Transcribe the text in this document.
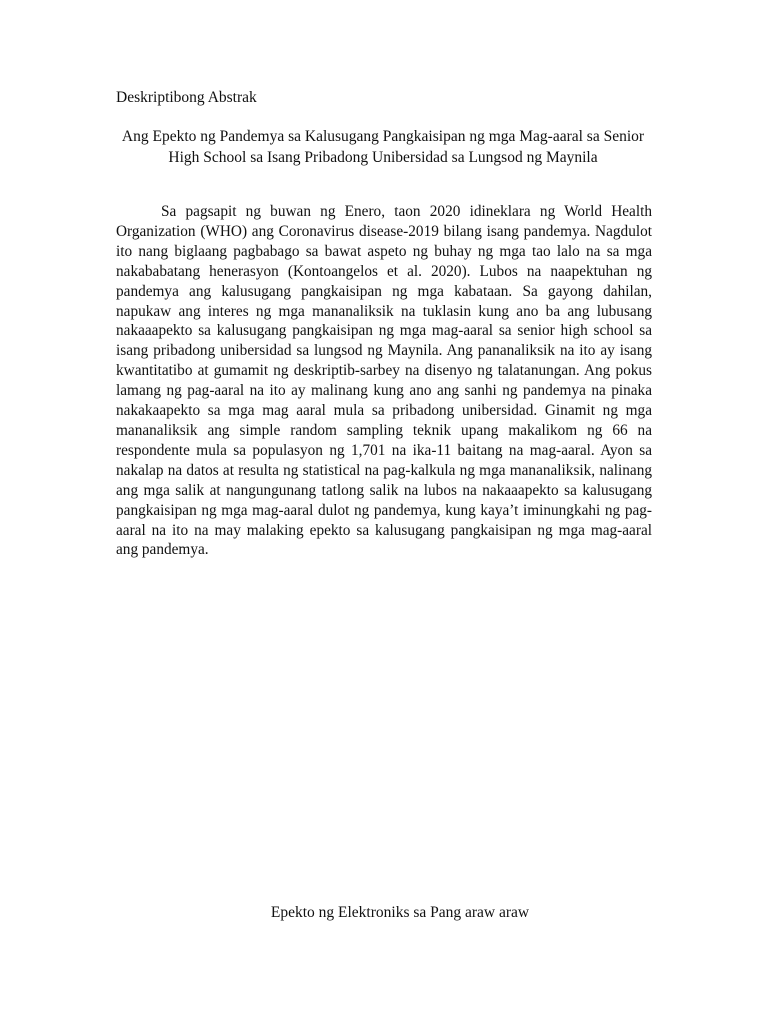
Deskriptibong Abstrak

Ang Epekto ng Pandemya sa Kalusugang Pangkaisipan ng mga Mag-aaral sa Senior High School sa Isang Pribadong Unibersidad sa Lungsod ng Maynila

Sa pagsapit ng buwan ng Enero, taon 2020 idineklara ng World Health Organization (WHO) ang Coronavirus disease-2019 bilang isang pandemya. Nagdulot ito nang biglaang pagbabago sa bawat aspeto ng buhay ng mga tao lalo na sa mga nakababatang henerasyon (Kontoangelos et al. 2020). Lubos na naapektuhan ng pandemya ang kalusugang pangkaisipan ng mga kabataan. Sa gayong dahilan, napukaw ang interes ng mga mananaliksik na tuklasin kung ano ba ang lubusang nakaaapekto sa kalusugang pangkaisipan ng mga mag-aaral sa senior high school sa isang pribadong unibersidad sa lungsod ng Maynila. Ang pananaliksik na ito ay isang kwantitatibo at gumamit ng deskriptib-sarbey na disenyo ng talatanungan. Ang pokus lamang ng pag-aaral na ito ay malinang kung ano ang sanhi ng pandemya na pinaka nakakaapekto sa mga mag aaral mula sa pribadong unibersidad. Ginamit ng mga mananaliksik ang simple random sampling teknik upang makalikom ng 66 na respondente mula sa populasyon ng 1,701 na ika-11 baitang na mag-aaral. Ayon sa nakalap na datos at resulta ng statistical na pag-kalkula ng mga mananaliksik, nalinang ang mga salik at nangungunang tatlong salik na lubos na nakaaapekto sa kalusugang pangkaisipan ng mga mag-aaral dulot ng pandemya, kung kaya’t iminungkahi ng pag-aaral na ito na may malaking epekto sa kalusugang pangkaisipan ng mga mag-aaral ang pandemya.

Epekto ng Elektroniks sa Pang araw araw
